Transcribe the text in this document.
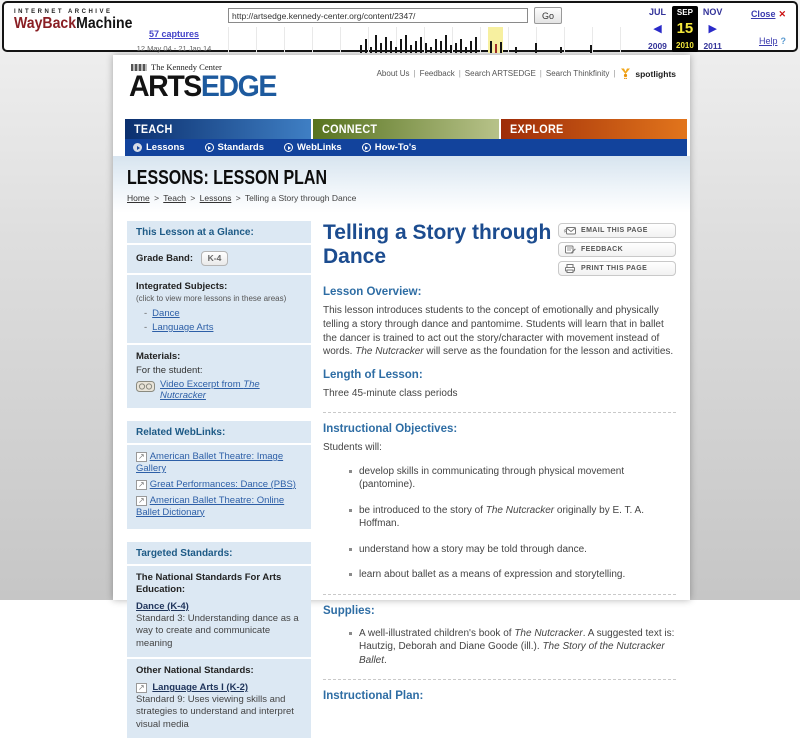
INTERNET ARCHIVE
WayBackMachine
57 captures
12 May 04 - 21 Jan 14
http://artsedge.kennedy-center.org/content/2347/
Go	JUL
◀
2009
SEP
15
2010
NOV
▶
2011
Close ✕
Help ?
The Kennedy Center
ARTSEDGE	About Us | Feedback | Search ARTSEDGE | Search Thinkfinity | spotlights
TEACH	CONNECT	EXPLORE
Lessons	Standards	WebLinks	How-To's
LESSONS: LESSON PLAN
Home > Teach > Lessons > Telling a Story through Dance
This Lesson at a Glance:
Grade Band: K-4
Integrated Subjects:
(click to view more lessons in these areas)
- Dance
- Language Arts
Materials:
For the student:
Video Excerpt from The Nutcracker
Related WebLinks:
↗ American Ballet Theatre: Image Gallery
↗ Great Performances: Dance (PBS)
↗ American Ballet Theatre: Online Ballet Dictionary
Targeted Standards:
The National Standards For Arts Education:
Dance (K-4)
Standard 3: Understanding dance as a way to create and communicate meaning
Other National Standards:
↗ Language Arts I (K-2)
Standard 9: Uses viewing skills and strategies to understand and interpret visual media
Telling a Story through Dance
EMAIL THIS PAGE
FEEDBACK
PRINT THIS PAGE
Lesson Overview:

This lesson introduces students to the concept of emotionally and physically telling a story through dance and pantomime. Students will learn that in ballet the dancer is trained to act out the story/character with movement instead of words. The Nutcracker will serve as the foundation for the lesson and activities.

Length of Lesson:

Three 45-minute class periods

Instructional Objectives:

Students will:

develop skills in communicating through physical movement (pantomine).
be introduced to the story of The Nutcracker originally by E. T. A. Hoffman.
understand how a story may be told through dance.
learn about ballet as a means of expression and storytelling.
Supplies:
A well-illustrated children's book of The Nutcracker. A suggested text is: Hautzig, Deborah and Diane Goode (ill.). The Story of the Nutcracker Ballet.
Instructional Plan:
